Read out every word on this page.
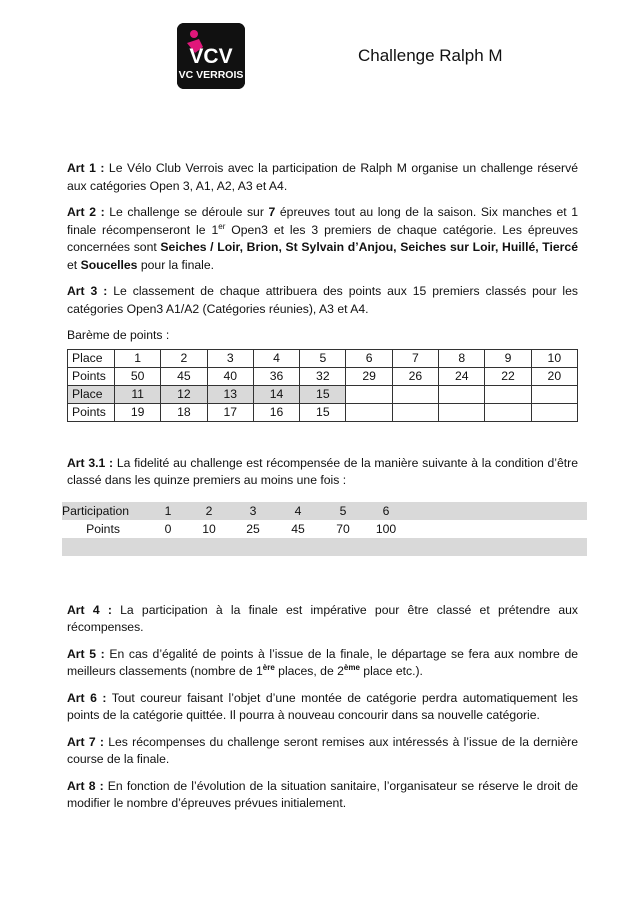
VCV
VC VERROIS
Challenge Ralph M

Art 1 : Le Vélo Club Verrois avec la participation de Ralph M organise un challenge réservé aux catégories Open 3, A1, A2, A3 et A4.

Art 2 : Le challenge se déroule sur 7 épreuves tout au long de la saison. Six manches et 1 finale récompenseront le 1er Open3 et les 3 premiers de chaque catégorie. Les épreuves concernées sont Seiches / Loir, Brion, St Sylvain d’Anjou, Seiches sur Loir, Huillé, Tiercé et Soucelles pour la finale.

Art 3 : Le classement de chaque attribuera des points aux 15 premiers classés pour les catégories Open3 A1/A2 (Catégories réunies), A3 et A4.

Barème de points :
Place	1	2	3	4	5	6	7	8	9	10
Points	50	45	40	36	32	29	26	24	22	20
Place	11	12	13	14	15					
Points	19	18	17	16	15					

Art 3.1 : La fidelité au challenge est récompensée de la manière suivante à la condition d’être classé dans les quinze premiers au moins une fois :

Participation	1	2	3	4	5	6
Points	0	10	25	45	70	100

Art 4 : La participation à la finale est impérative pour être classé et prétendre aux récompenses.

Art 5 : En cas d’égalité de points à l’issue de la finale, le départage se fera aux nombre de meilleurs classements (nombre de 1ère places, de 2ème place etc.).

Art 6 : Tout coureur faisant l’objet d’une montée de catégorie perdra automatiquement les points de la catégorie quittée. Il pourra à nouveau concourir dans sa nouvelle catégorie.

Art 7 : Les récompenses du challenge seront remises aux intéressés à l’issue de la dernière course de la finale.

Art 8 : En fonction de l’évolution de la situation sanitaire, l’organisateur se réserve le droit de modifier le nombre d’épreuves prévues initialement.
